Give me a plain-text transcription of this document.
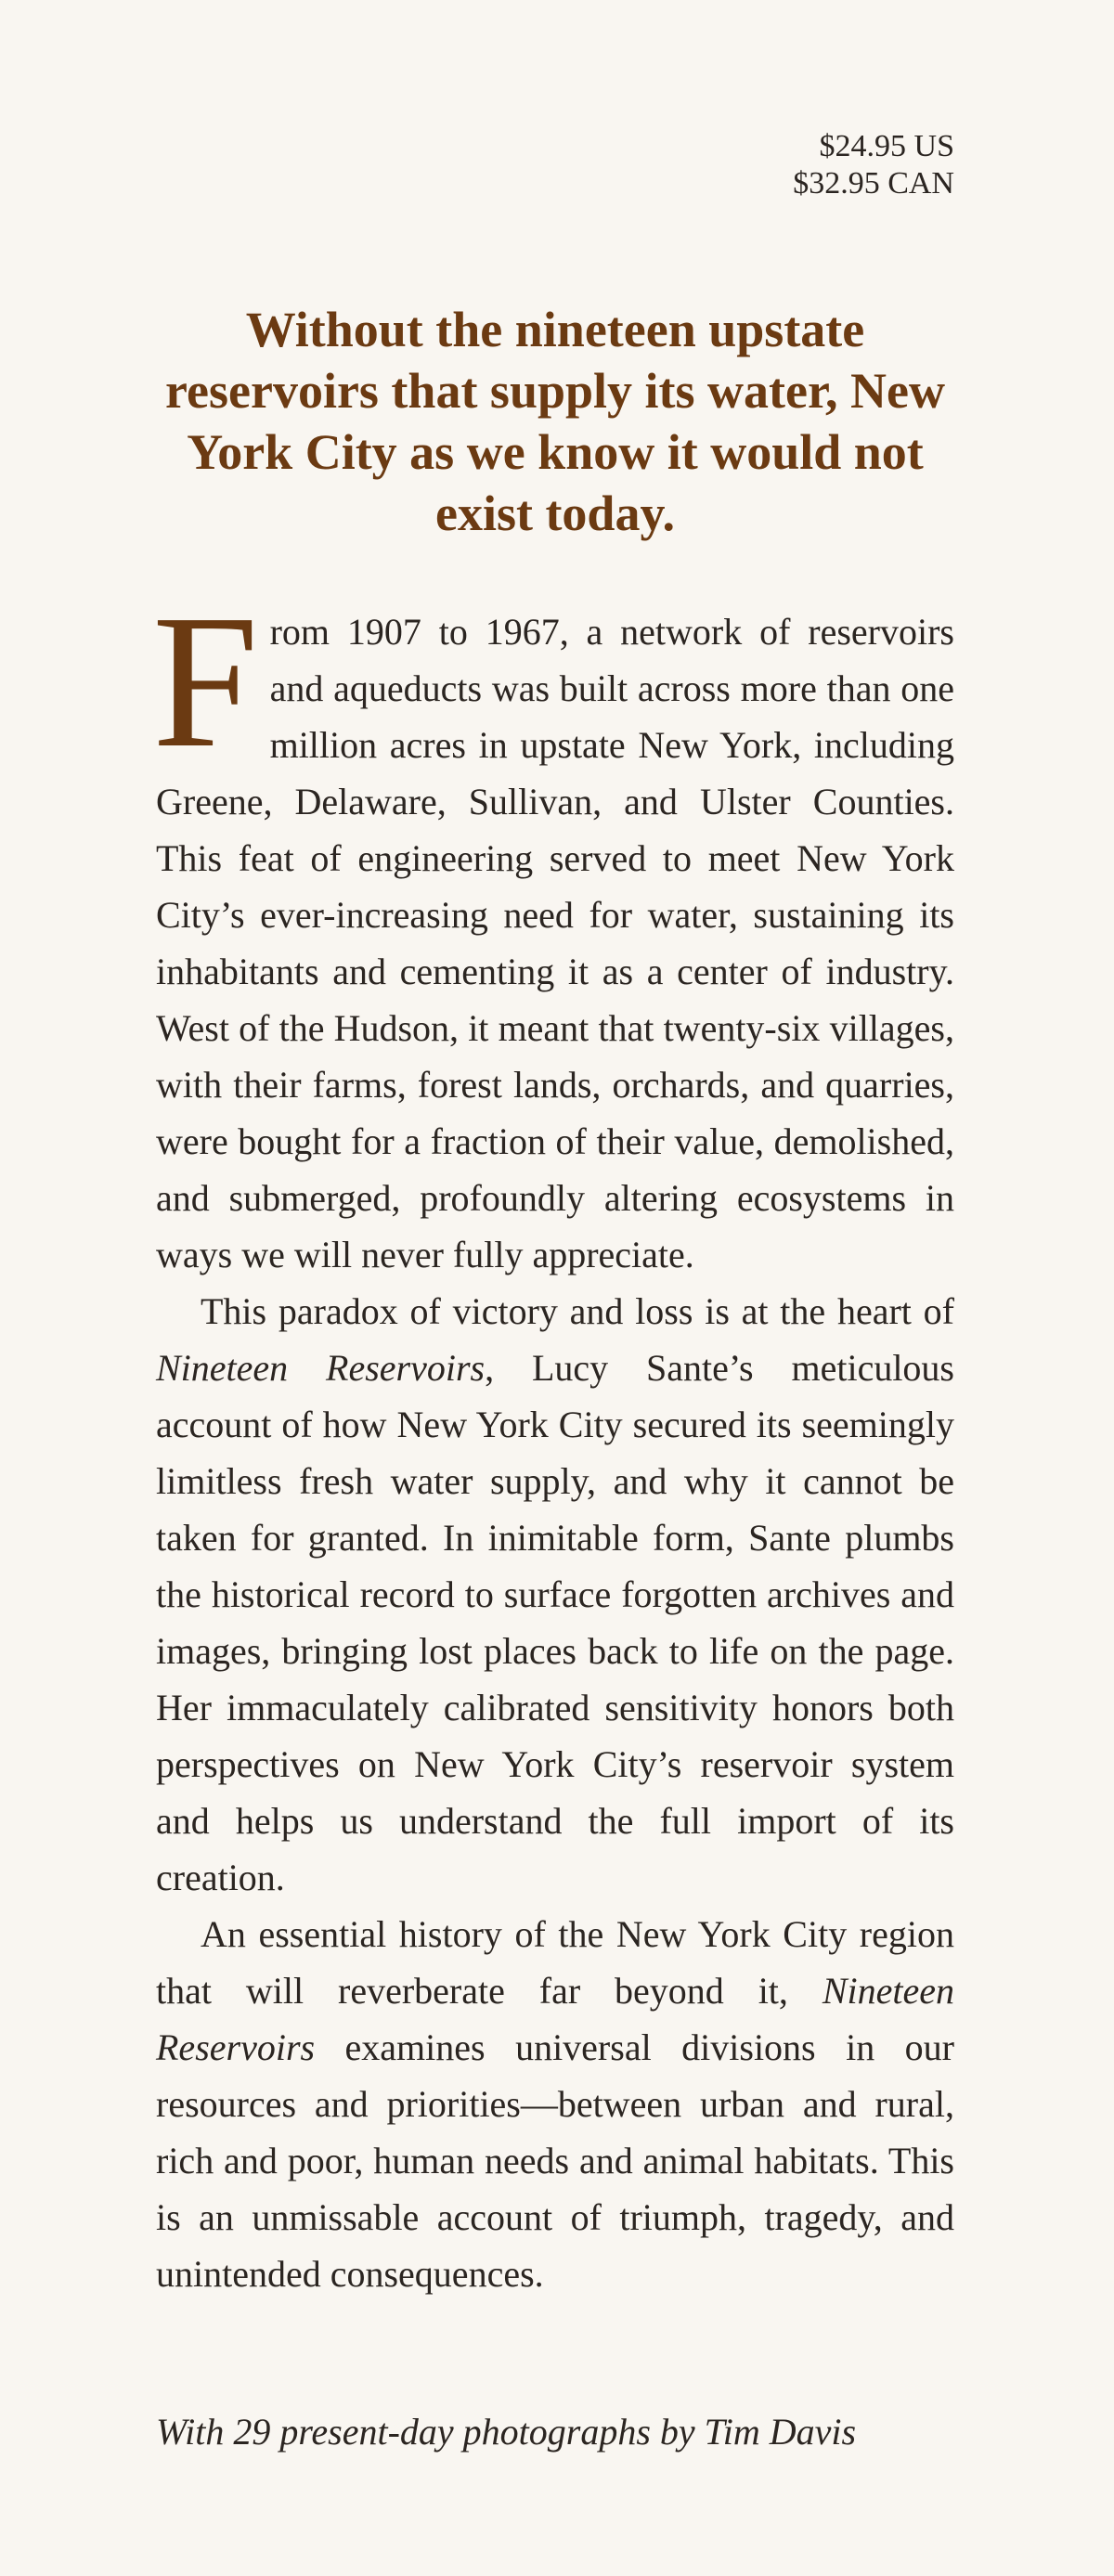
$24.95 US
$32.95 CAN
Without the nineteen upstate reservoirs that supply its water, New York City as we know it would not exist today.

From 1907 to 1967, a network of reservoirs and aqueducts was built across more than one million acres in upstate New York, including Greene, Delaware, Sullivan, and Ulster Counties. This feat of engineering served to meet New York City’s ever-increasing need for water, sustaining its inhabitants and cementing it as a center of industry. West of the Hudson, it meant that twenty-six villages, with their farms, forest lands, orchards, and quarries, were bought for a fraction of their value, demolished, and submerged, profoundly altering ecosystems in ways we will never fully appreciate.

This paradox of victory and loss is at the heart of Nineteen Reservoirs, Lucy Sante’s meticulous account of how New York City secured its seemingly limitless fresh water supply, and why it cannot be taken for granted. In inimitable form, Sante plumbs the historical record to surface forgotten archives and images, bringing lost places back to life on the page. Her immaculately calibrated sensitivity honors both perspectives on New York City’s reservoir system and helps us understand the full import of its creation.

An essential history of the New York City region that will reverberate far beyond it, Nineteen Reservoirs examines universal divisions in our resources and priorities—between urban and rural, rich and poor, human needs and animal habitats. This is an unmissable account of triumph, tragedy, and unintended consequences.

With 29 present-day photographs by Tim Davis
